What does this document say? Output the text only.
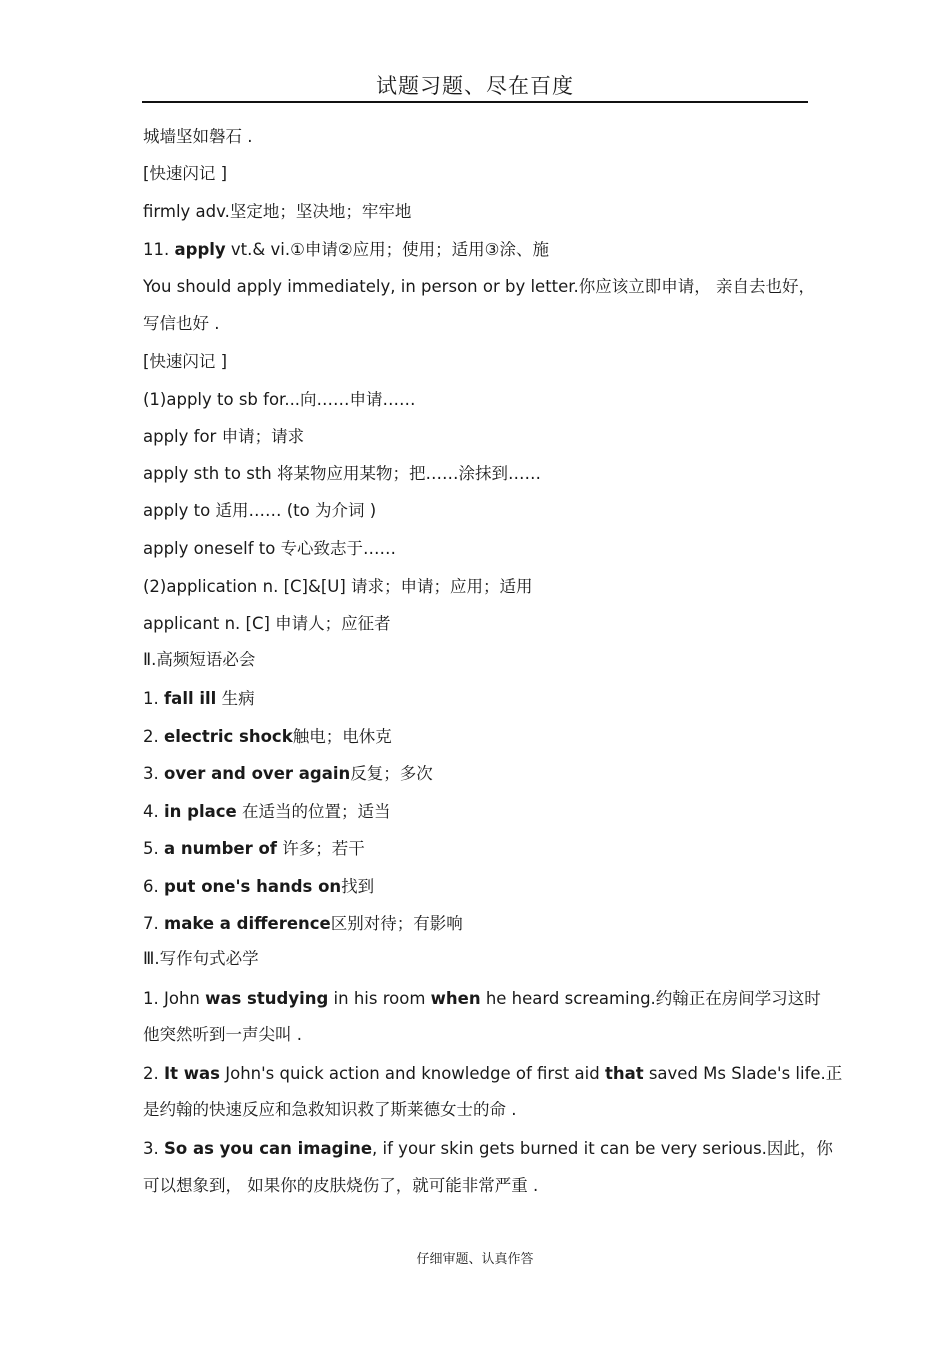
试题习题、尽在百度
城墙坚如磐石 .
[快速闪记 ]
firmly adv.坚定地；坚决地；牢牢地
11. apply vt.& vi.①申请②应用；使用；适用③涂、施
You should apply immediately, in person or by letter.你应该立即申请， 亲自去也好，
写信也好 .
[快速闪记 ]
(1)apply to sb for...向……申请……
apply for 申请；请求
apply sth to sth 将某物应用某物；把……涂抹到……
apply to 适用…… (to 为介词 )
apply oneself to 专心致志于……
(2)application n. [C]&[U] 请求；申请；应用；适用
applicant n. [C] 申请人；应征者
Ⅱ.高频短语必会
1. fall ill 生病
2. electric shock触电；电休克
3. over and over again反复；多次
4. in place 在适当的位置；适当
5. a number of 许多；若干
6. put one's hands on找到
7. make a difference区别对待；有影响
Ⅲ.写作句式必学
1. John was studying in his room when he heard screaming.约翰正在房间学习这时
他突然听到一声尖叫 .
2. It was John's quick action and knowledge of first aid that saved Ms Slade's life.正
是约翰的快速反应和急救知识救了斯莱德女士的命 .
3. So as you can imagine, if your skin gets burned it can be very serious.因此，你
可以想象到， 如果你的皮肤烧伤了，就可能非常严重 .
仔细审题、认真作答
